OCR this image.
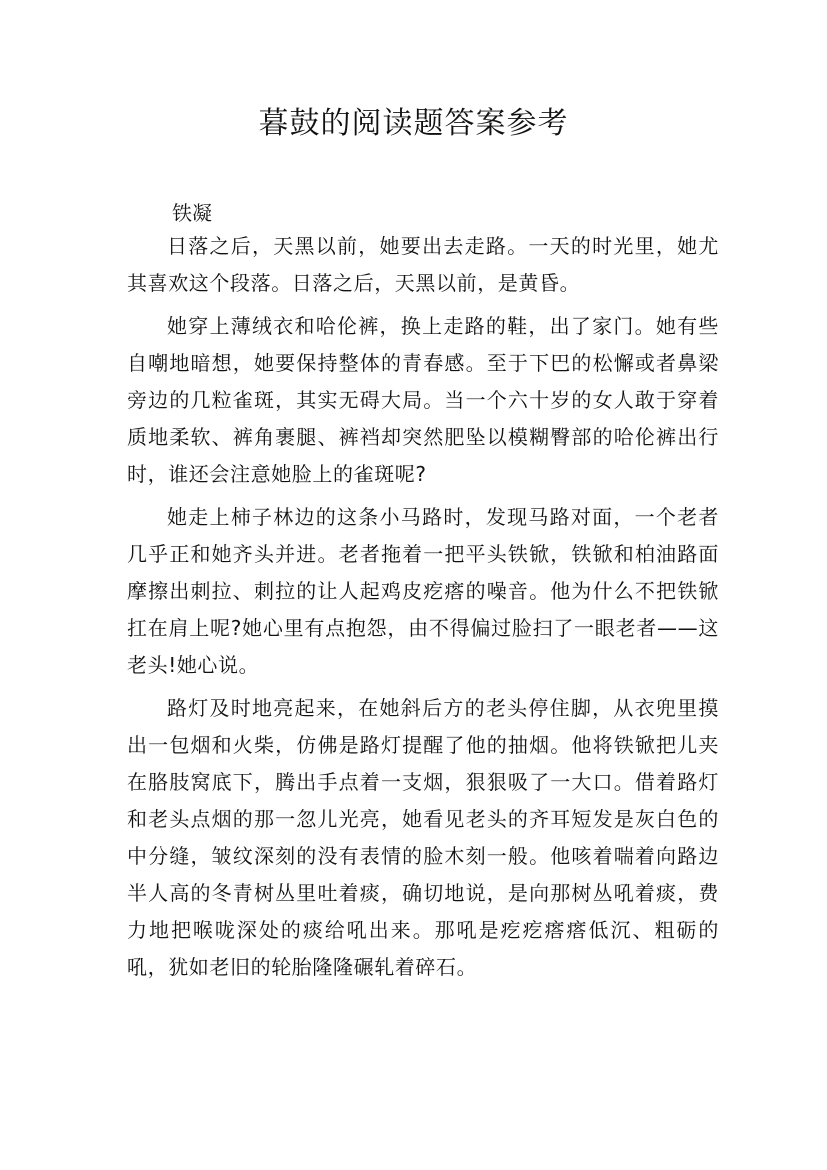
暮鼓的阅读题答案参考
铁凝

日落之后，天黑以前，她要出去走路。一天的时光里，她尤其喜欢这个段落。日落之后，天黑以前，是黄昏。

她穿上薄绒衣和哈伦裤，换上走路的鞋，出了家门。她有些自嘲地暗想，她要保持整体的青春感。至于下巴的松懈或者鼻梁旁边的几粒雀斑，其实无碍大局。当一个六十岁的女人敢于穿着质地柔软、裤角裹腿、裤裆却突然肥坠以模糊臀部的哈伦裤出行时，谁还会注意她脸上的雀斑呢?

她走上柿子林边的这条小马路时，发现马路对面，一个老者几乎正和她齐头并进。老者拖着一把平头铁锨，铁锨和柏油路面摩擦出刺拉、刺拉的让人起鸡皮疙瘩的噪音。他为什么不把铁锨扛在肩上呢?她心里有点抱怨，由不得偏过脸扫了一眼老者——这老头!她心说。

路灯及时地亮起来，在她斜后方的老头停住脚，从衣兜里摸出一包烟和火柴，仿佛是路灯提醒了他的抽烟。他将铁锨把儿夹在胳肢窝底下，腾出手点着一支烟，狠狠吸了一大口。借着路灯和老头点烟的那一忽儿光亮，她看见老头的齐耳短发是灰白色的中分缝，皱纹深刻的没有表情的脸木刻一般。他咳着喘着向路边半人高的冬青树丛里吐着痰，确切地说，是向那树丛吼着痰，费力地把喉咙深处的痰给吼出来。那吼是疙疙瘩瘩低沉、粗砺的吼，犹如老旧的轮胎隆隆碾轧着碎石。
